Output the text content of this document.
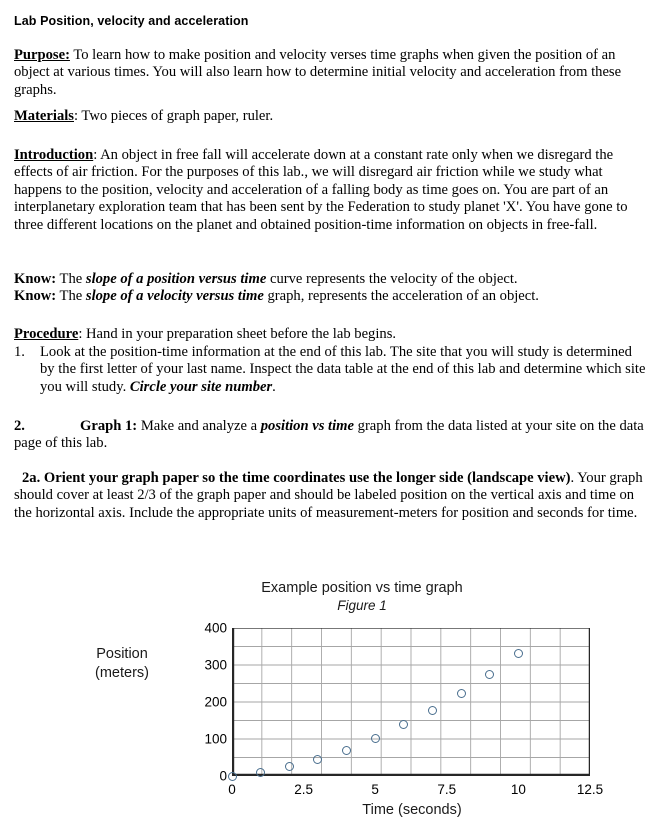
Lab Position, velocity and acceleration
Purpose: To learn how to make position and velocity verses time graphs when given the position of an object at various times. You will also learn how to determine initial velocity and acceleration from these graphs.
Materials: Two pieces of graph paper, ruler.
Introduction: An object in free fall will accelerate down at a constant rate only when we disregard the effects of air friction. For the purposes of this lab., we will disregard air friction while we study what happens to the position, velocity and acceleration of a falling body as time goes on. You are part of an interplanetary exploration team that has been sent by the Federation to study planet 'X'. You have gone to three different locations on the planet and obtained position-time information on objects in free-fall.
Know: The slope of a position versus time curve represents the velocity of the object.
Know: The slope of a velocity versus time graph, represents the acceleration of an object.
Procedure: Hand in your preparation sheet before the lab begins.
1.	Look at the position-time information at the end of this lab. The site that you will study is determined by the first letter of your last name. Inspect the data table at the end of this lab and determine which site you will study. Circle your site number.
2.	Graph 1: Make and analyze a position vs time graph from the data listed at your site on the data page of this lab.
2a. Orient your graph paper so the time coordinates use the longer side (landscape view). Your graph should cover at least 2/3 of the graph paper and should be labeled position on the vertical axis and time on the horizontal axis. Include the appropriate units of measurement-meters for position and seconds for time.
Example position vs time graph
Figure 1
Position
(meters)
Time (seconds)
0
100
200
300
400
0	2.5	5	7.5	10	12.5
